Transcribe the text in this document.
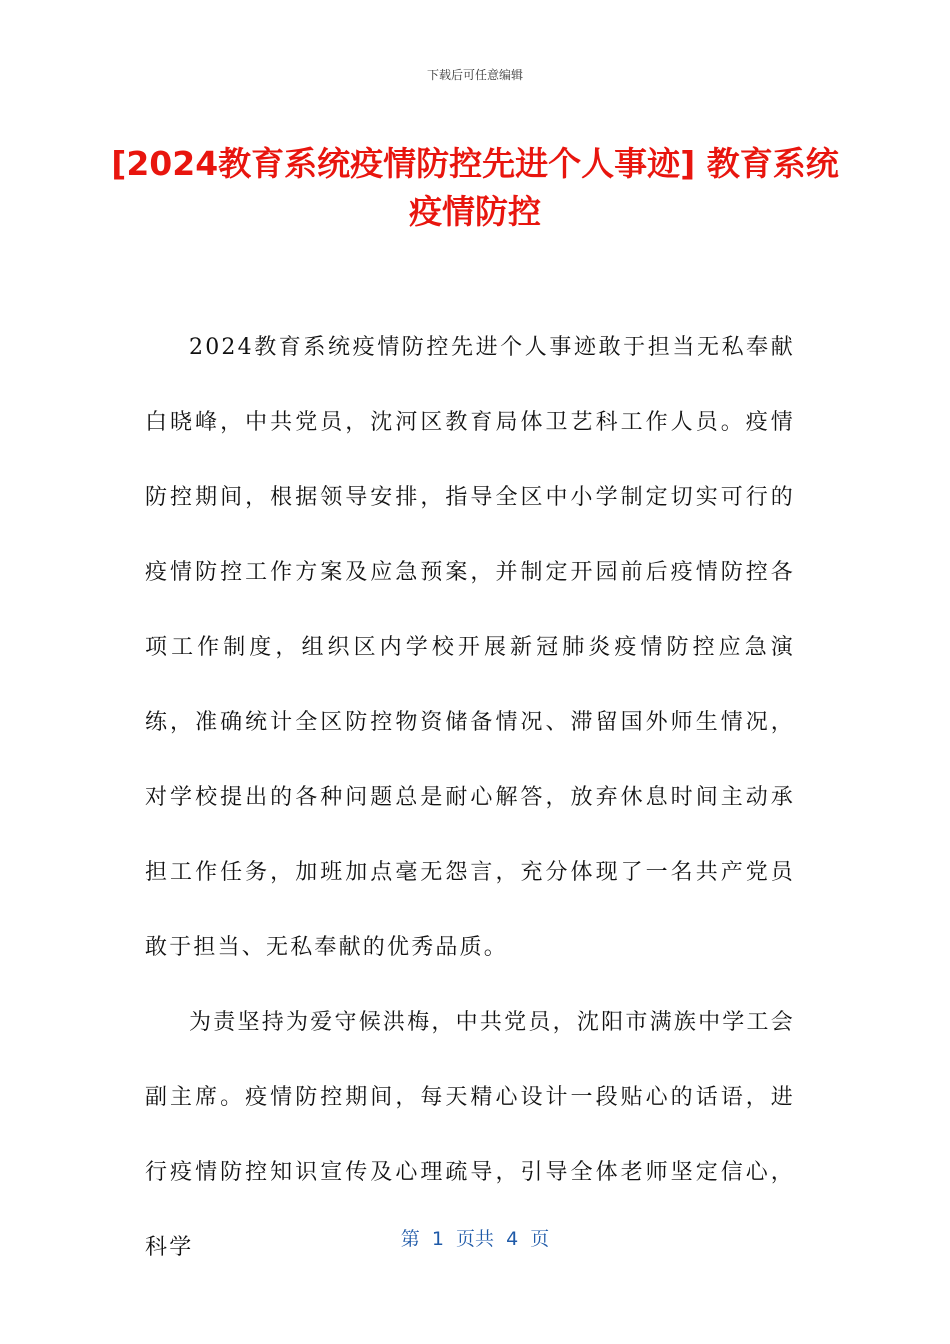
下载后可任意编辑
[2024教育系统疫情防控先进个人事迹] 教育系统疫情防控

2024教育系统疫情防控先进个人事迹敢于担当无私奉献白晓峰，中共党员，沈河区教育局体卫艺科工作人员。疫情防控期间，根据领导安排，指导全区中小学制定切实可行的疫情防控工作方案及应急预案，并制定开园前后疫情防控各项工作制度，组织区内学校开展新冠肺炎疫情防控应急演练，准确统计全区防控物资储备情况、滞留国外师生情况，对学校提出的各种问题总是耐心解答，放弃休息时间主动承担工作任务，加班加点毫无怨言，充分体现了一名共产党员敢于担当、无私奉献的优秀品质。

为责坚持为爱守候洪梅，中共党员，沈阳市满族中学工会副主席。疫情防控期间，每天精心设计一段贴心的话语，进行疫情防控知识宣传及心理疏导，引导全体老师坚定信心，科学	第  1  页共  4  页
